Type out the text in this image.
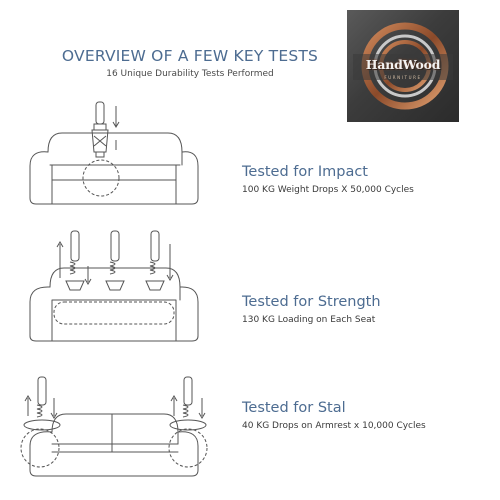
OVERVIEW OF A FEW KEY TESTS
16 Unique Durability Tests Performed
HandWood
FURNITURE
Tested for Impact
100 KG Weight Drops X 50,000 Cycles
Tested for Strength
130 KG Loading on Each Seat
Tested for Stal
40 KG Drops on Armrest x 10,000 Cycles
